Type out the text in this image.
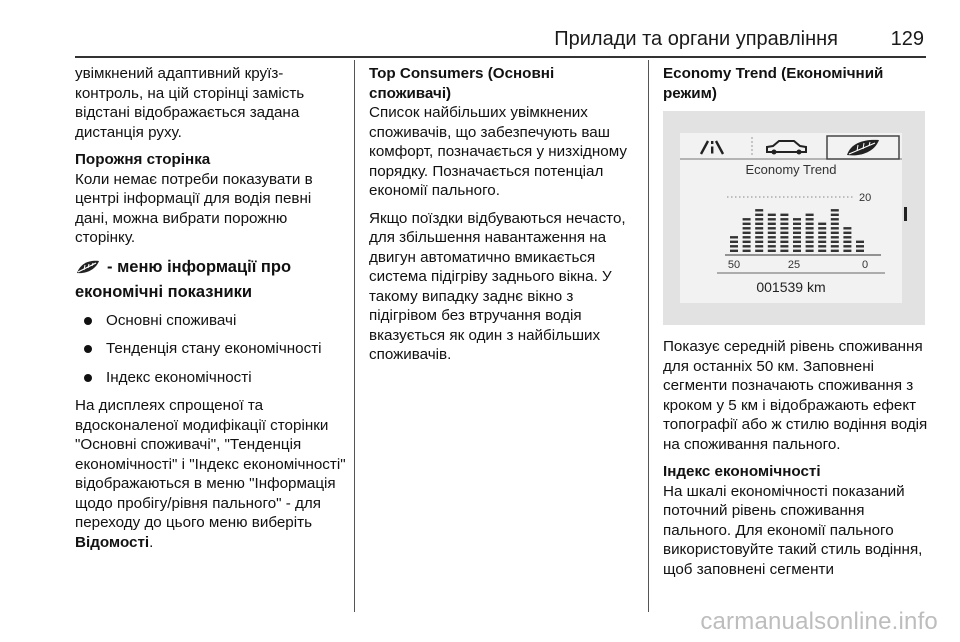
Прилади та органи управління	129

увімкнений адаптивний круїз-контроль, на цій сторінці замість відстані відображається задана дистанція руху.

Порожня сторінка

Коли немає потреби показувати в центрі інформації для водія певні дані, можна вибрати порожню сторінку.

- меню інформації про економічні показники
Основні споживачі
Тенденція стану економічності
Індекс економічності

На дисплеях спрощеної та вдосконаленої модифікації сторінки "Основні споживачі", "Тенденція економічності" і "Індекс економічності" відображаються в меню "Інформація щодо пробігу/рівня пального" - для переходу до цього меню виберіть Відомості.

Top Consumers (Основні споживачі)

Список найбільших увімкнених споживачів, що забезпечують ваш комфорт, позначається у низхідному порядку. Позначається потенціал економії пального.

Якщо поїздки відбуваються нечасто, для збільшення навантаження на двигун автоматично вмикається система підігріву заднього вікна. У такому випадку заднє вікно з підігрівом без втручання водія вказується як один з найбільших споживачів.

Economy Trend (Економічний режим)
Economy Trend
20
50	25	0
001539 km

Показує середній рівень споживання для останніх 50 км. Заповнені сегменти позначають споживання з кроком у 5 км і відображають ефект топографії або ж стилю водіння водія на споживання пального.

Індекс економічності

На шкалі економічності показаний поточний рівень споживання пального. Для економії пального використовуйте такий стиль водіння, щоб заповнені сегменти

carmanualsonline.info
